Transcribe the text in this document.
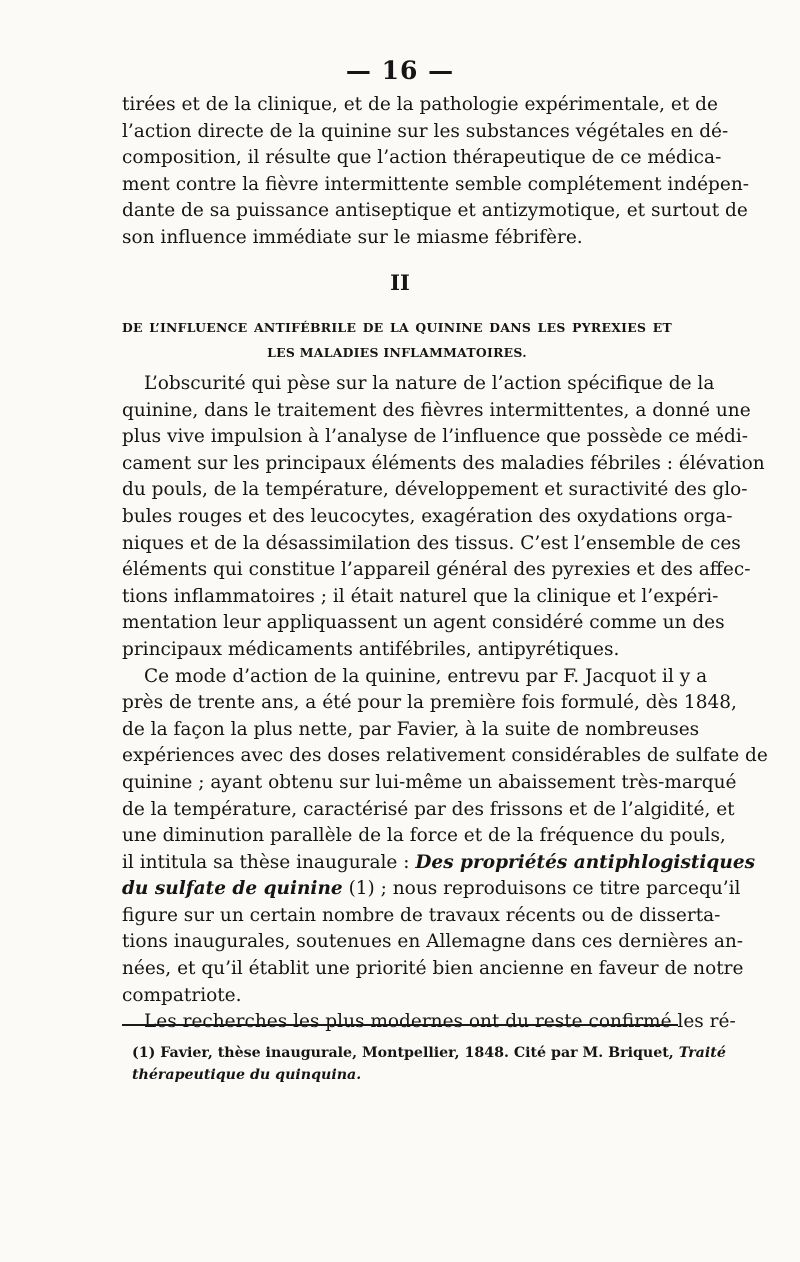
— 16 —
tirées et de la clinique, et de la pathologie expérimentale, et de
l’action directe de la quinine sur les substances végétales en dé-
composition, il résulte que l’action thérapeutique de ce médica-
ment contre la fièvre intermittente semble complétement indépen-
dante de sa puissance antiseptique et antizymotique, et surtout de
son influence immédiate sur le miasme fébrifère.
II
DE L’INFLUENCE ANTIFÉBRILE DE LA QUININE DANS LES PYREXIES ET
LES MALADIES INFLAMMATOIRES.
L’obscurité qui pèse sur la nature de l’action spécifique de la
quinine, dans le traitement des fièvres intermittentes, a donné une
plus vive impulsion à l’analyse de l’influence que possède ce médi-
cament sur les principaux éléments des maladies fébriles : élévation
du pouls, de la température, développement et suractivité des glo-
bules rouges et des leucocytes, exagération des oxydations orga-
niques et de la désassimilation des tissus. C’est l’ensemble de ces
éléments qui constitue l’appareil général des pyrexies et des affec-
tions inflammatoires ; il était naturel que la clinique et l’expéri-
mentation leur appliquassent un agent considéré comme un des
principaux médicaments antifébriles, antipyrétiques.
Ce mode d’action de la quinine, entrevu par F. Jacquot il y a
près de trente ans, a été pour la première fois formulé, dès 1848,
de la façon la plus nette, par Favier, à la suite de nombreuses
expériences avec des doses relativement considérables de sulfate de
quinine ; ayant obtenu sur lui-même un abaissement très-marqué
de la température, caractérisé par des frissons et de l’algidité, et
une diminution parallèle de la force et de la fréquence du pouls,
il intitula sa thèse inaugurale : Des propriétés antiphlogistiques
du sulfate de quinine (1) ; nous reproduisons ce titre parcequ’il
figure sur un certain nombre de travaux récents ou de disserta-
tions inaugurales, soutenues en Allemagne dans ces dernières an-
nées, et qu’il établit une priorité bien ancienne en faveur de notre
compatriote.
Les recherches les plus modernes ont du reste confirmé les ré-
(1) Favier, thèse inaugurale, Montpellier, 1848. Cité par M. Briquet, Traité
thérapeutique du quinquina.
